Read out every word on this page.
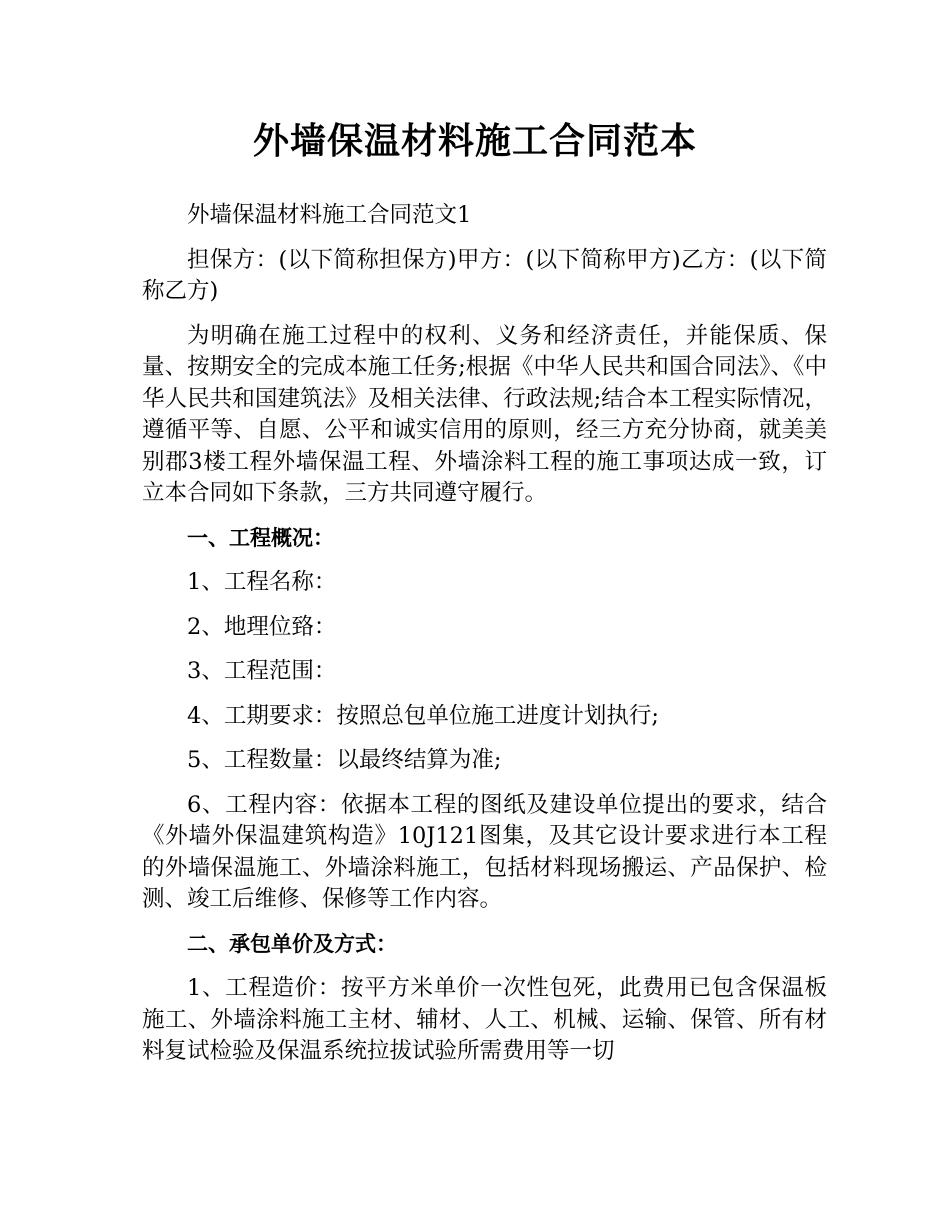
外墙保温材料施工合同范本

外墙保温材料施工合同范文1

担保方：(以下简称担保方)甲方：(以下简称甲方)乙方：(以下简称乙方)

为明确在施工过程中的权利、义务和经济责任，并能保质、保量、按期安全的完成本施工任务;根据《中华人民共和国合同法》、《中华人民共和国建筑法》及相关法律、行政法规;结合本工程实际情况，遵循平等、自愿、公平和诚实信用的原则，经三方充分协商，就美美别郡3楼工程外墙保温工程、外墙涂料工程的施工事项达成一致，订立本合同如下条款，三方共同遵守履行。

一、工程概况：

1、工程名称：

2、地理位臵：

3、工程范围：

4、工期要求：按照总包单位施工进度计划执行;

5、工程数量：以最终结算为准;

6、工程内容：依据本工程的图纸及建设单位提出的要求，结合《外墙外保温建筑构造》10J121图集，及其它设计要求进行本工程的外墙保温施工、外墙涂料施工，包括材料现场搬运、产品保护、检测、竣工后维修、保修等工作内容。

二、承包单价及方式：

1、工程造价：按平方米单价一次性包死，此费用已包含保温板施工、外墙涂料施工主材、辅材、人工、机械、运输、保管、所有材料复试检验及保温系统拉拔试验所需费用等一切
